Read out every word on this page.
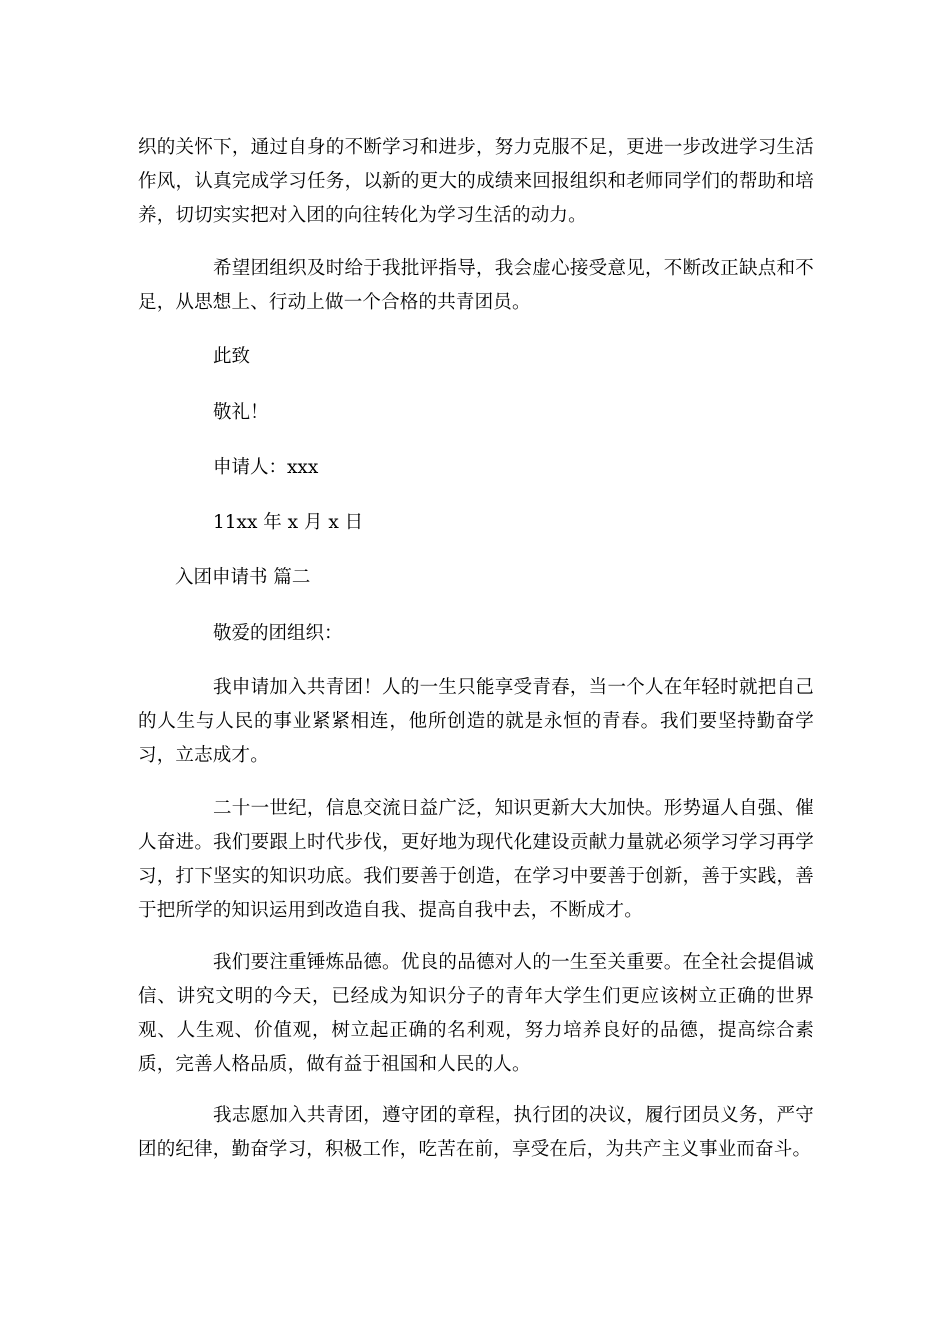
织的关怀下，通过自身的不断学习和进步，努力克服不足，更进一步改进学习生活作风，认真完成学习任务，以新的更大的成绩来回报组织和老师同学们的帮助和培养，切切实实把对入团的向往转化为学习生活的动力。

希望团组织及时给于我批评指导，我会虚心接受意见，不断改正缺点和不足，从思想上、行动上做一个合格的共青团员。

此致

敬礼！

申请人：xxx

11xx 年 x 月 x 日

入团申请书 篇二

敬爱的团组织：

我申请加入共青团！人的一生只能享受青春，当一个人在年轻时就把自己的人生与人民的事业紧紧相连，他所创造的就是永恒的青春。我们要坚持勤奋学习，立志成才。

二十一世纪，信息交流日益广泛，知识更新大大加快。形势逼人自强、催人奋进。我们要跟上时代步伐，更好地为现代化建设贡献力量就必须学习学习再学习，打下坚实的知识功底。我们要善于创造，在学习中要善于创新，善于实践，善于把所学的知识运用到改造自我、提高自我中去，不断成才。

我们要注重锤炼品德。优良的品德对人的一生至关重要。在全社会提倡诚信、讲究文明的今天，已经成为知识分子的青年大学生们更应该树立正确的世界观、人生观、价值观，树立起正确的名利观，努力培养良好的品德，提高综合素质，完善人格品质，做有益于祖国和人民的人。

我志愿加入共青团，遵守团的章程，执行团的决议，履行团员义务，严守团的纪律，勤奋学习，积极工作，吃苦在前，享受在后，为共产主义事业而奋斗。
